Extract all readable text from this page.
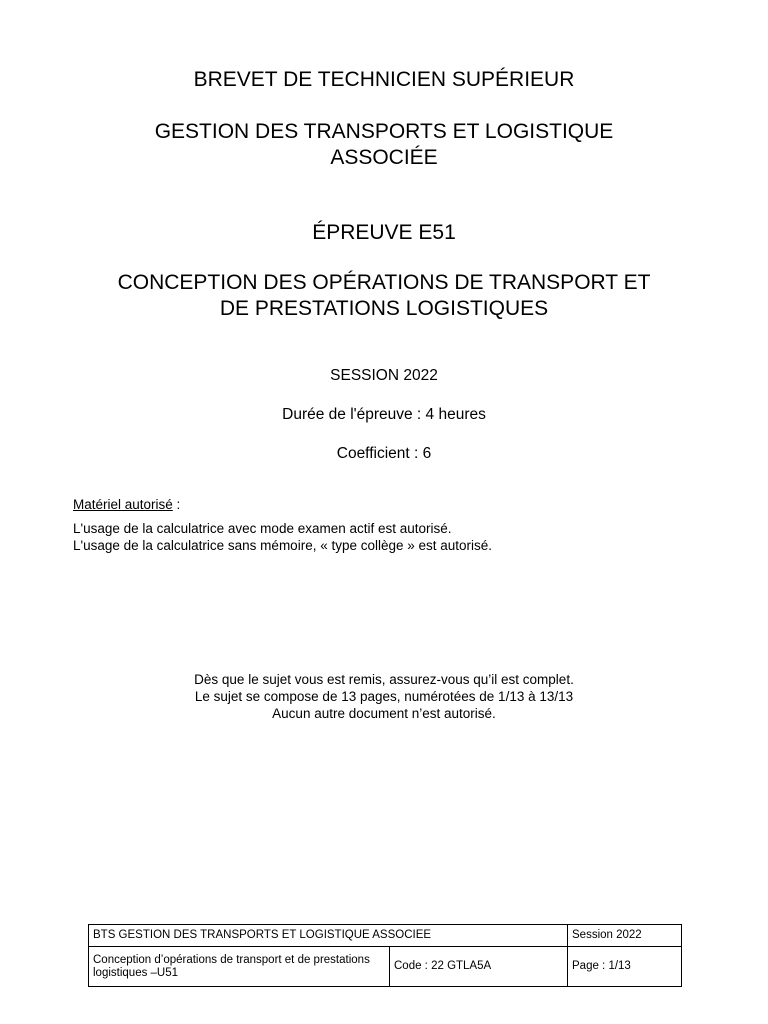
BREVET DE TECHNICIEN SUPÉRIEUR
GESTION DES TRANSPORTS ET LOGISTIQUE
ASSOCIÉE
ÉPREUVE E51
CONCEPTION DES OPÉRATIONS DE TRANSPORT ET
DE PRESTATIONS LOGISTIQUES
SESSION 2022
Durée de l'épreuve : 4 heures
Coefficient : 6
Matériel autorisé :
L'usage de la calculatrice avec mode examen actif est autorisé.
L'usage de la calculatrice sans mémoire, « type collège » est autorisé.
Dès que le sujet vous est remis, assurez-vous qu’il est complet.
Le sujet se compose de 13 pages, numérotées de 1/13 à 13/13
Aucun autre document n’est autorisé.
BTS GESTION DES TRANSPORTS ET LOGISTIQUE ASSOCIEE		Session 2022
Conception d’opérations de transport et de prestations logistiques –U51	Code : 22 GTLA5A	Page : 1/13
